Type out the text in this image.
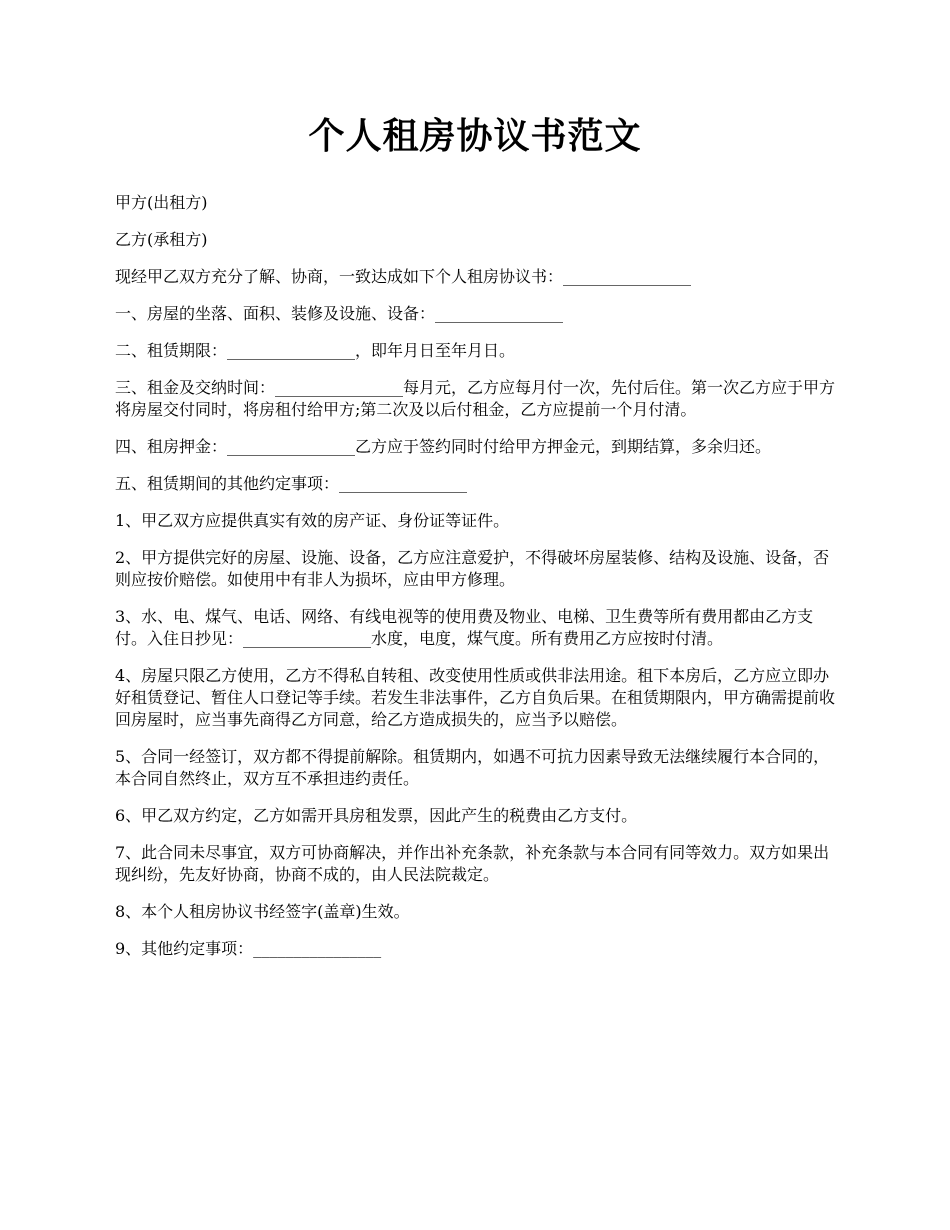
个人租房协议书范文

甲方(出租方)

乙方(承租方)

现经甲乙双方充分了解、协商，一致达成如下个人租房协议书：________________

一、房屋的坐落、面积、装修及设施、设备：________________

二、租赁期限：________________，即年月日至年月日。

三、租金及交纳时间：________________每月元，乙方应每月付一次，先付后住。第一次乙方应于甲方将房屋交付同时，将房租付给甲方;第二次及以后付租金，乙方应提前一个月付清。

四、租房押金：________________乙方应于签约同时付给甲方押金元，到期结算，多余归还。

五、租赁期间的其他约定事项：________________

1、甲乙双方应提供真实有效的房产证、身份证等证件。

2、甲方提供完好的房屋、设施、设备，乙方应注意爱护，不得破坏房屋装修、结构及设施、设备，否则应按价赔偿。如使用中有非人为损坏，应由甲方修理。

3、水、电、煤气、电话、网络、有线电视等的使用费及物业、电梯、卫生费等所有费用都由乙方支付。入住日抄见：________________水度，电度，煤气度。所有费用乙方应按时付清。

4、房屋只限乙方使用，乙方不得私自转租、改变使用性质或供非法用途。租下本房后，乙方应立即办好租赁登记、暂住人口登记等手续。若发生非法事件，乙方自负后果。在租赁期限内，甲方确需提前收回房屋时，应当事先商得乙方同意，给乙方造成损失的，应当予以赔偿。

5、合同一经签订，双方都不得提前解除。租赁期内，如遇不可抗力因素导致无法继续履行本合同的，本合同自然终止，双方互不承担违约责任。

6、甲乙双方约定，乙方如需开具房租发票，因此产生的税费由乙方支付。

7、此合同未尽事宜，双方可协商解决，并作出补充条款，补充条款与本合同有同等效力。双方如果出现纠纷，先友好协商，协商不成的，由人民法院裁定。

8、本个人租房协议书经签字(盖章)生效。

9、其他约定事项：________________
